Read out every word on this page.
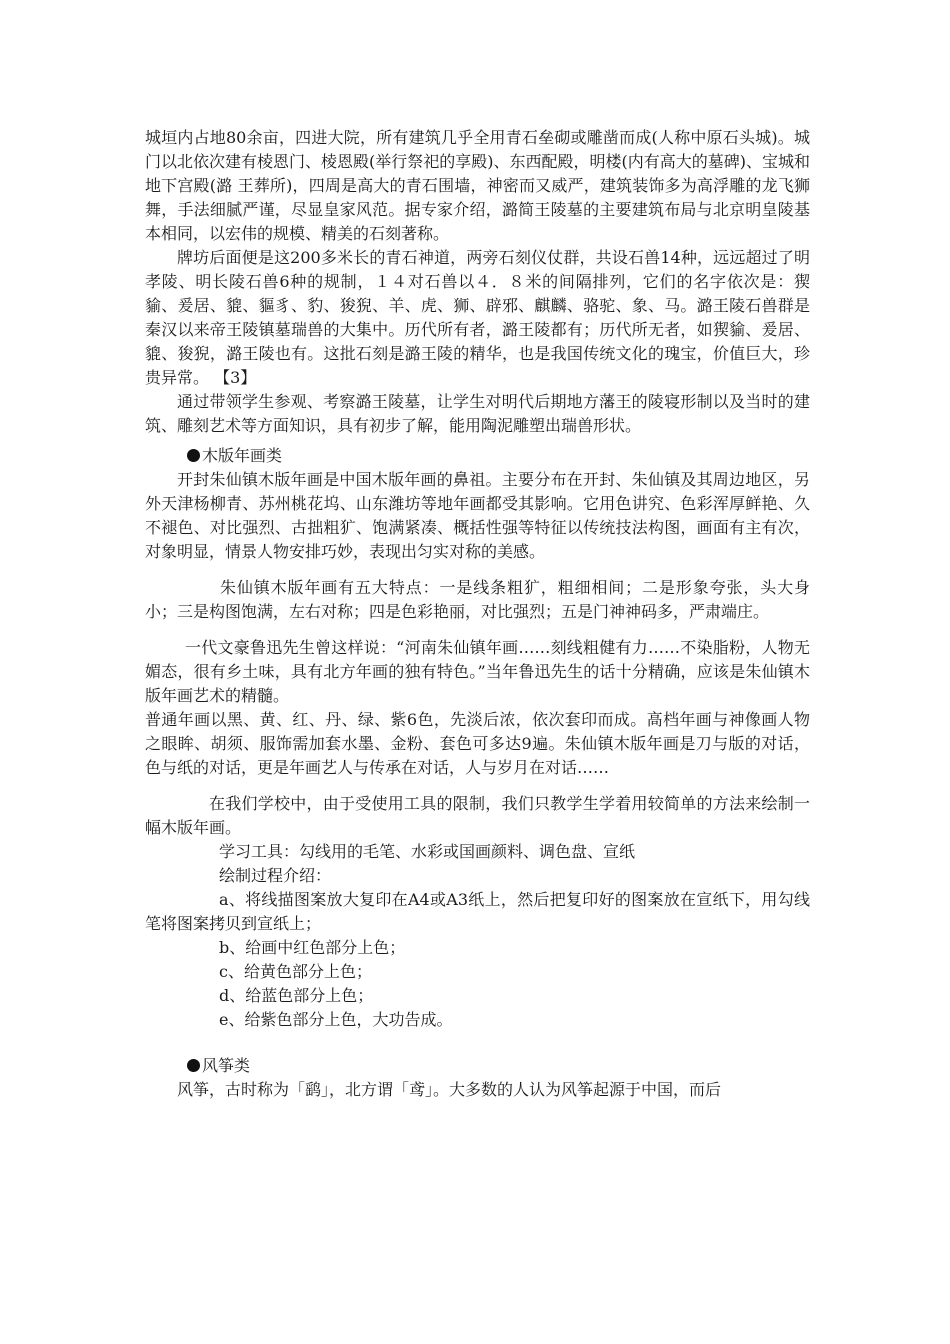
城垣内占地80余亩，四进大院，所有建筑几乎全用青石垒砌或雕凿而成(人称中原石头城)。城门以北依次建有棱恩门、棱恩殿(举行祭祀的享殿)、东西配殿，明楼(内有高大的墓碑)、宝城和地下宫殿(潞 王葬所)，四周是高大的青石围墙，神密而又威严，建筑装饰多为高浮雕的龙飞狮舞，手法细腻严谨，尽显皇家风范。据专家介绍，潞简王陵墓的主要建筑布局与北京明皇陵基本相同，以宏伟的规模、精美的石刻著称。

牌坊后面便是这200多米长的青石神道，两旁石刻仪仗群，共设石兽14种，远远超过了明孝陵、明长陵石兽6种的规制，１４对石兽以４．８米的间隔排列，它们的名字依次是：猰貐、爰居、貔、貙豸、豹、狻猊、羊、虎、狮、辟邪、麒麟、骆驼、象、马。潞王陵石兽群是秦汉以来帝王陵镇墓瑞兽的大集中。历代所有者，潞王陵都有；历代所无者，如猰貐、爰居、貔、狻猊，潞王陵也有。这批石刻是潞王陵的精华，也是我国传统文化的瑰宝，价值巨大，珍贵异常。 【3】

通过带领学生参观、考察潞王陵墓，让学生对明代后期地方藩王的陵寝形制以及当时的建筑、雕刻艺术等方面知识，具有初步了解，能用陶泥雕塑出瑞兽形状。

木版年画类

开封朱仙镇木版年画是中国木版年画的鼻祖。主要分布在开封、朱仙镇及其周边地区，另外天津杨柳青、苏州桃花坞、山东潍坊等地年画都受其影响。它用色讲究、色彩浑厚鲜艳、久不褪色、对比强烈、古拙粗犷、饱满紧凑、概括性强等特征以传统技法构图，画面有主有次，对象明显，情景人物安排巧妙，表现出匀实对称的美感。

朱仙镇木版年画有五大特点：一是线条粗犷，粗细相间；二是形象夸张，头大身小；三是构图饱满，左右对称；四是色彩艳丽，对比强烈；五是门神神码多，严肃端庄。

一代文豪鲁迅先生曾这样说：“河南朱仙镇年画……刻线粗健有力……不染脂粉，人物无媚态，很有乡土味，具有北方年画的独有特色。”当年鲁迅先生的话十分精确，应该是朱仙镇木版年画艺术的精髓。

普通年画以黑、黄、红、丹、绿、紫6色，先淡后浓，依次套印而成。高档年画与神像画人物之眼眸、胡须、服饰需加套水墨、金粉、套色可多达9遍。朱仙镇木版年画是刀与版的对话，色与纸的对话，更是年画艺人与传承在对话，人与岁月在对话……

在我们学校中，由于受使用工具的限制，我们只教学生学着用较简单的方法来绘制一幅木版年画。

学习工具：勾线用的毛笔、水彩或国画颜料、调色盘、宣纸

绘制过程介绍：

a、将线描图案放大复印在A4或A3纸上，然后把复印好的图案放在宣纸下，用勾线笔将图案拷贝到宣纸上；

b、给画中红色部分上色；

c、给黄色部分上色；

d、给蓝色部分上色；

e、给紫色部分上色，大功告成。

风筝类

风筝，古时称为「鹞」，北方谓「鸢」。大多数的人认为风筝起源于中国，而后
